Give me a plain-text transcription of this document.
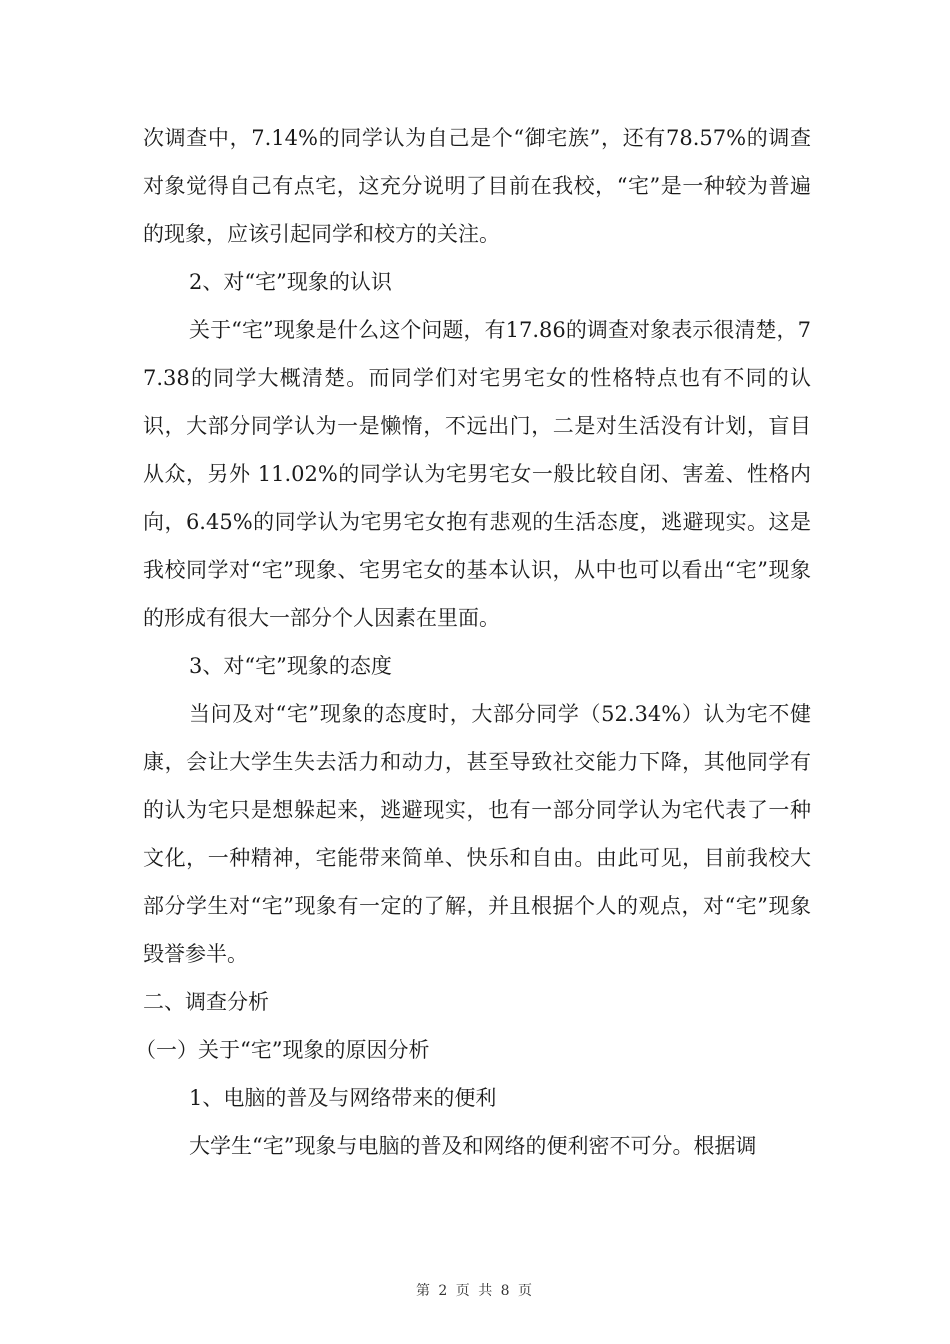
次调查中，7.14%的同学认为自己是个“御宅族”，还有78.57%的调查对象觉得自己有点宅，这充分说明了目前在我校，“宅”是一种较为普遍的现象，应该引起同学和校方的关注。

2、对“宅”现象的认识

关于“宅”现象是什么这个问题，有17.86的调查对象表示很清楚，77.38的同学大概清楚。而同学们对宅男宅女的性格特点也有不同的认识，大部分同学认为一是懒惰，不远出门，二是对生活没有计划，盲目从众，另外 11.02%的同学认为宅男宅女一般比较自闭、害羞、性格内向，6.45%的同学认为宅男宅女抱有悲观的生活态度，逃避现实。这是我校同学对“宅”现象、宅男宅女的基本认识，从中也可以看出“宅”现象的形成有很大一部分个人因素在里面。

3、对“宅”现象的态度

当问及对“宅”现象的态度时，大部分同学（52.34%）认为宅不健康，会让大学生失去活力和动力，甚至导致社交能力下降，其他同学有的认为宅只是想躲起来，逃避现实，也有一部分同学认为宅代表了一种文化，一种精神，宅能带来简单、快乐和自由。由此可见，目前我校大部分学生对“宅”现象有一定的了解，并且根据个人的观点，对“宅”现象毁誉参半。

二、调查分析

（一）关于“宅”现象的原因分析

1、电脑的普及与网络带来的便利

大学生“宅”现象与电脑的普及和网络的便利密不可分。根据调

第 2 页 共 8 页
